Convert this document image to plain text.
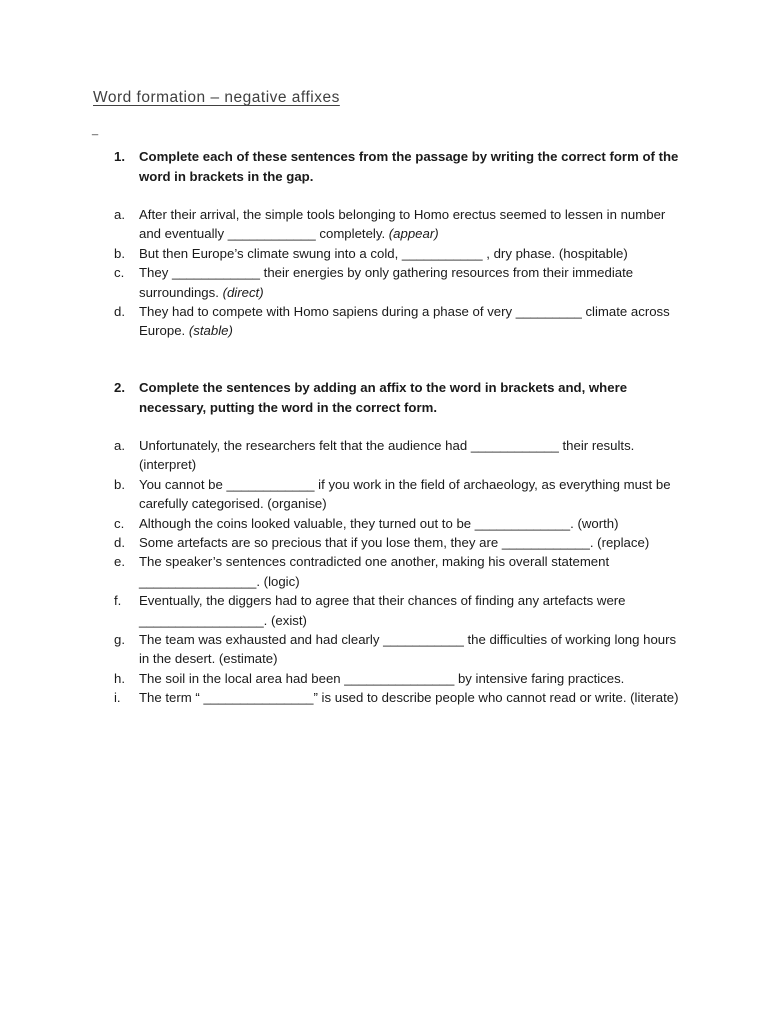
Word formation – negative affixes
_
1.	Complete each of these sentences from the passage by writing the correct form of the word in brackets in the gap.
a.	After their arrival, the simple tools belonging to Homo erectus seemed to lessen in number and eventually ____________ completely. (appear)
b.	But then Europe’s climate swung into a cold, ___________ , dry phase. (hospitable)
c.	They ____________ their energies by only gathering resources from their immediate surroundings. (direct)
d.	They had to compete with Homo sapiens during a phase of very _________ climate across Europe. (stable)
2.	Complete the sentences by adding an affix to the word in brackets and, where necessary, putting the word in the correct form.
a.	Unfortunately, the researchers felt that the audience had ____________ their results. (interpret)
b.	You cannot be ____________ if you work in the field of archaeology, as everything must be carefully categorised. (organise)
c.	Although the coins looked valuable, they turned out to be _____________. (worth)
d.	Some artefacts are so precious that if you lose them, they are ____________. (replace)
e.	The speaker’s sentences contradicted one another, making his overall statement ________________. (logic)
f.	Eventually, the diggers had to agree that their chances of finding any artefacts were _________________. (exist)
g.	The team was exhausted and had clearly ___________ the difficulties of working long hours in the desert. (estimate)
h.	The soil in the local area had been _______________ by intensive faring practices.
i.	The term “ _______________” is used to describe people who cannot read or write. (literate)
